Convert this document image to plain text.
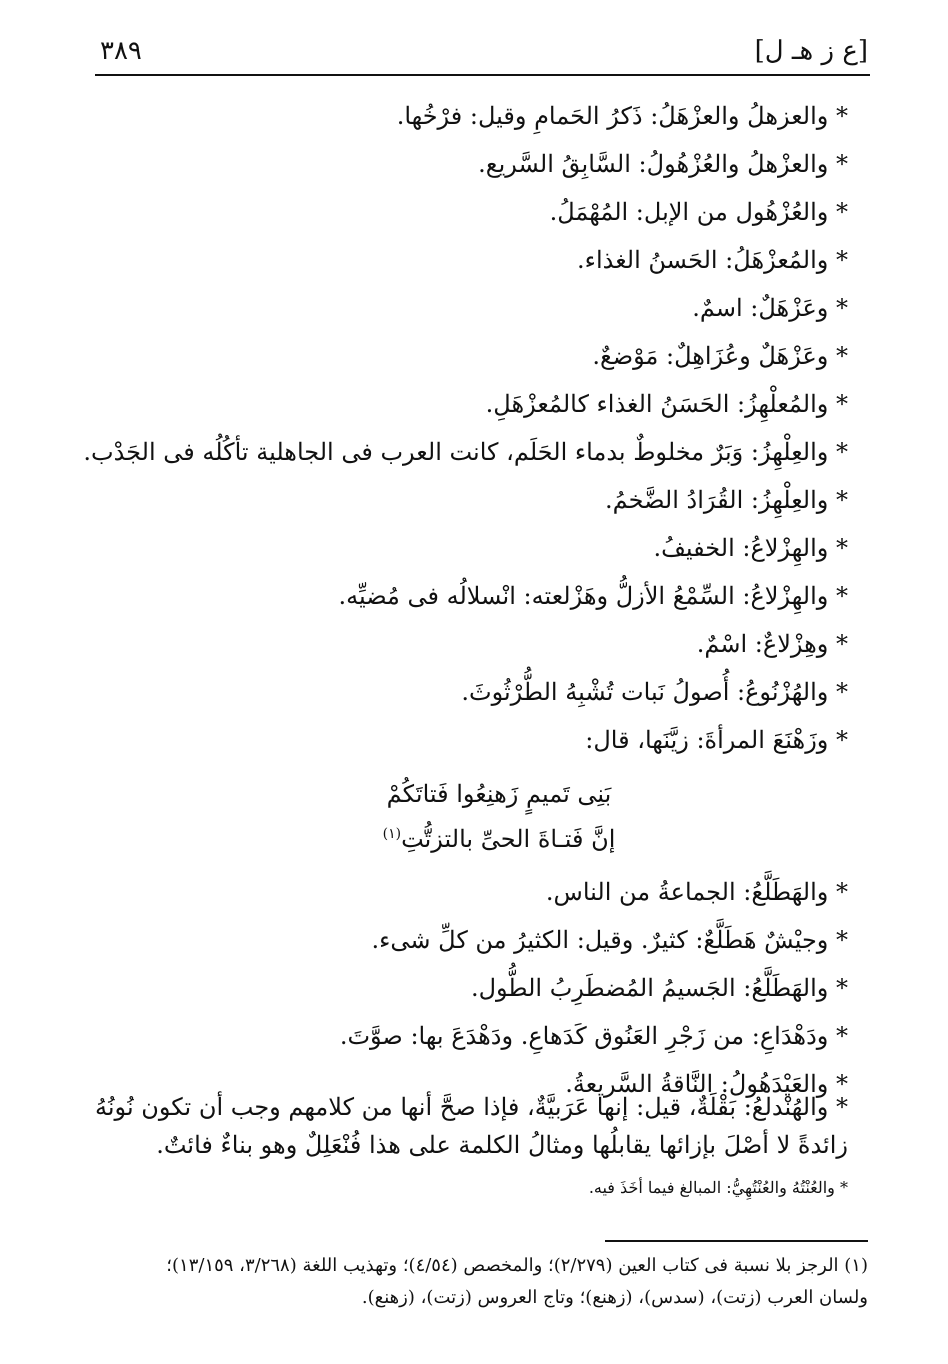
[ع ز هـ ل]
٣٨٩
* والعزهلُ والعزْهَلُ: ذَكرُ الحَمامِ وقيل: فرْخُها.
* والعزْهلُ والعُزْهُولُ: السَّابِقُ السَّريع.
* والعُزْهُول من الإبل: المُهْمَلُ.
* والمُعزْهَلُ: الحَسنُ الغذاء.
* وعَزْهَلٌ: اسمٌ.
* وعَزْهَلٌ وعُزَاهِلٌ: مَوْضعٌ.
* والمُعلْهِزُ: الحَسَنُ الغذاء كالمُعزْهَلِ.
* والعِلْهِزُ: وَبَرٌ مخلوطٌ بدماء الحَلَم، كانت العرب فى الجاهلية تأكُلُه فى الجَدْب.
* والعِلْهِزُ: القُرَادُ الضَّخمُ.
* والهِزْلاعُ: الخفيفُ.
* والهِزْلاعُ: السِّمْعُ الأزلُّ وهَزْلعته: انْسلالُه فى مُضيِّه.
* وهِزْلاعٌ: اسْمٌ.
* والهُزْنُوعُ: أُصولُ نَبات تُشْبِهُ الطُّرْثُوثَ.
* وزَهْنَعَ المرأةَ: زيَّنَها، قال:
بَنِى تَميمٍ زَهنِعُوا فَتاتَكُمْ
إنَّ فَتـاةَ الحىِّ بالتزتُّتِ$^{(١)}$
* والهَطَلَّعُ: الجماعةُ من الناس.
* وجيْشٌ هَطَلَّعٌ: كثيرٌ. وقيل: الكثيرُ من كلِّ شىء.
* والهَطَلَّعُ: الجَسيمُ المُضطَرِبُ الطُّول.
* ودَهْدَاعِ: من زَجْرِ العَنُوق كَدَهاعِ. ودَهْدَعَ بها: صوَّتَ.
* والعَيْدَهُولُ: النَّاقةُ السَّريعةُ.
* والهُنْدلعُ: بَقْلَةٌ، قيل: إنها عَرَبيَّةٌ، فإذا صحَّ أنها من كلامهم وجب أن تكون نُونُهُ
زائدةً لا أصْلَ بإزائها يقابلُها ومثالُ الكلمة على هذا فُنْعَلِلٌ وهو بناءٌ فائتٌ.
* والعُنْتُهُ والعُنْتُهِيُّ: المبالغ فيما أخَذَ فيه.
(١) الرجز بلا نسبة فى كتاب العين (٢/٢٧٩)؛ والمخصص (٤/٥٤)؛ وتهذيب اللغة (٣/٢٦٨، ١٣/١٥٩)؛
ولسان العرب (زتت)، (سدس)، (زهنع)؛ وتاج العروس (زتت)، (زهنع).
